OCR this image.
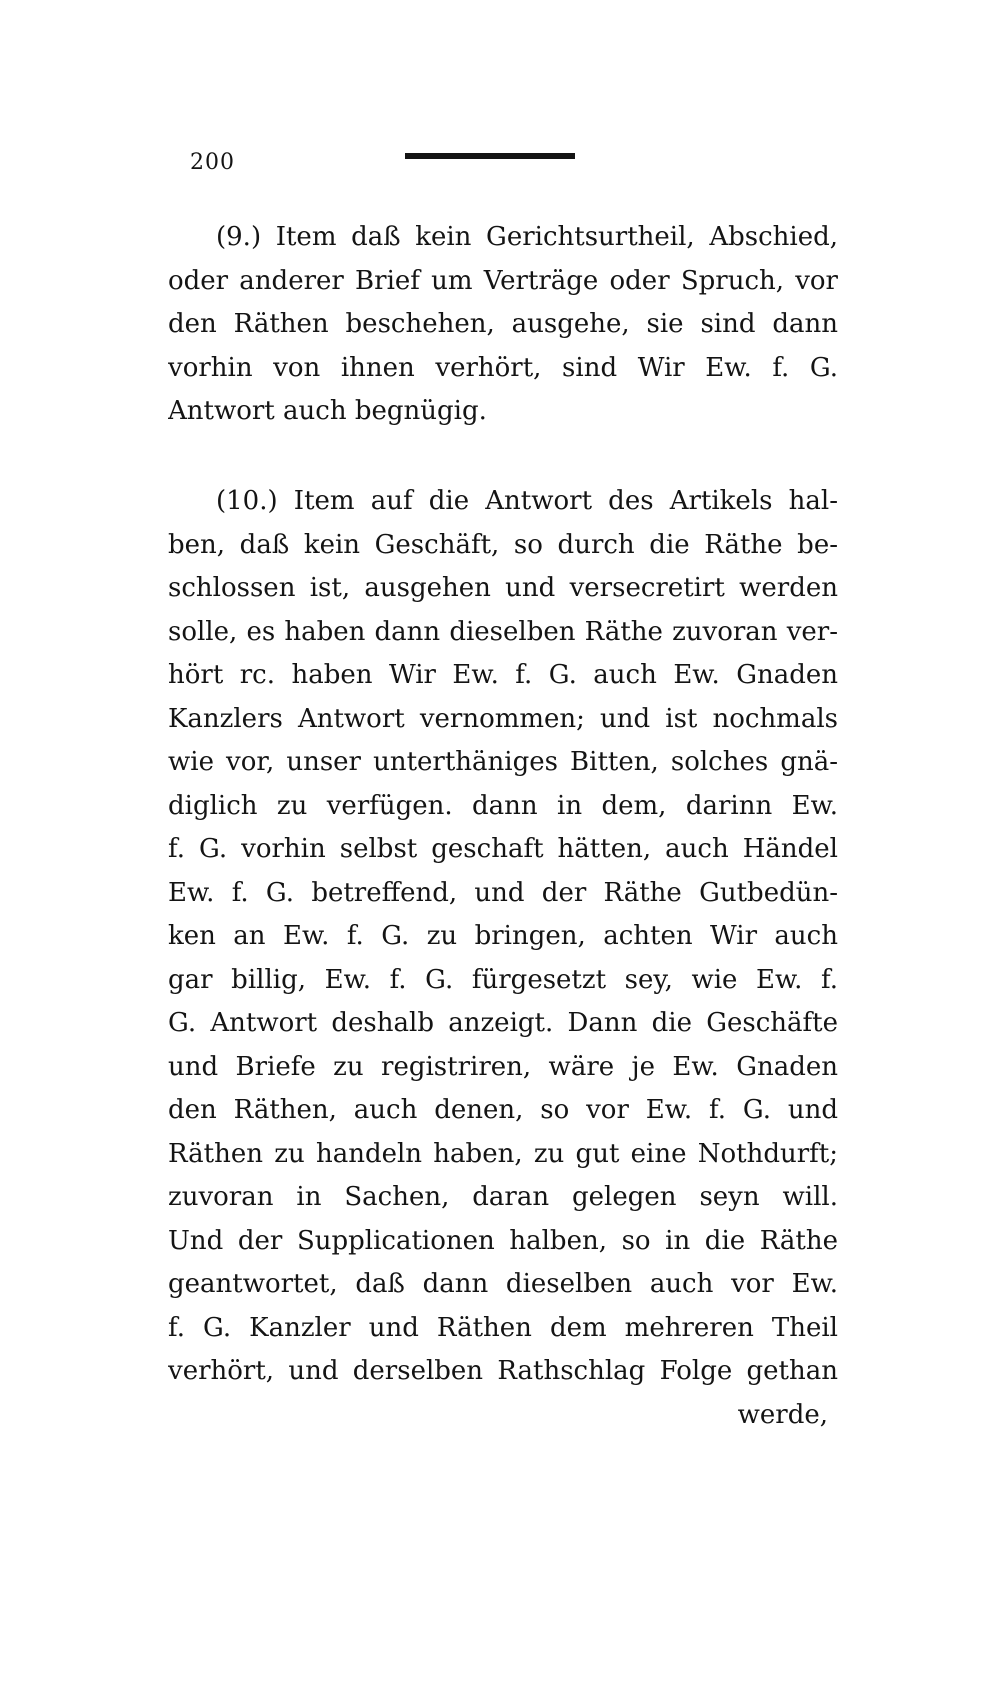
200
(9.) Item daß kein Gerichtsurtheil, Abschied,
oder anderer Brief um Verträge oder Spruch, vor
den Räthen beschehen, ausgehe, sie sind dann
vorhin von ihnen verhört, sind Wir Ew. f. G.
Antwort auch begnügig.
(10.) Item auf die Antwort des Artikels hal-
ben, daß kein Geschäft, so durch die Räthe be-
schlossen ist, ausgehen und versecretirt werden
solle, es haben dann dieselben Räthe zuvoran ver-
hört rc. haben Wir Ew. f. G. auch Ew. Gnaden
Kanzlers Antwort vernommen; und ist nochmals
wie vor, unser unterthäniges Bitten, solches gnä-
diglich zu verfügen. dann in dem, darinn Ew.
f. G. vorhin selbst geschaft hätten, auch Händel
Ew. f. G. betreffend, und der Räthe Gutbedün-
ken an Ew. f. G. zu bringen, achten Wir auch
gar billig, Ew. f. G. fürgesetzt sey, wie Ew. f.
G. Antwort deshalb anzeigt. Dann die Geschäfte
und Briefe zu registriren, wäre je Ew. Gnaden
den Räthen, auch denen, so vor Ew. f. G. und
Räthen zu handeln haben, zu gut eine Nothdurft;
zuvoran in Sachen, daran gelegen seyn will.
Und der Supplicationen halben, so in die Räthe
geantwortet, daß dann dieselben auch vor Ew.
f. G. Kanzler und Räthen dem mehreren Theil
verhört, und derselben Rathschlag Folge gethan
werde,
